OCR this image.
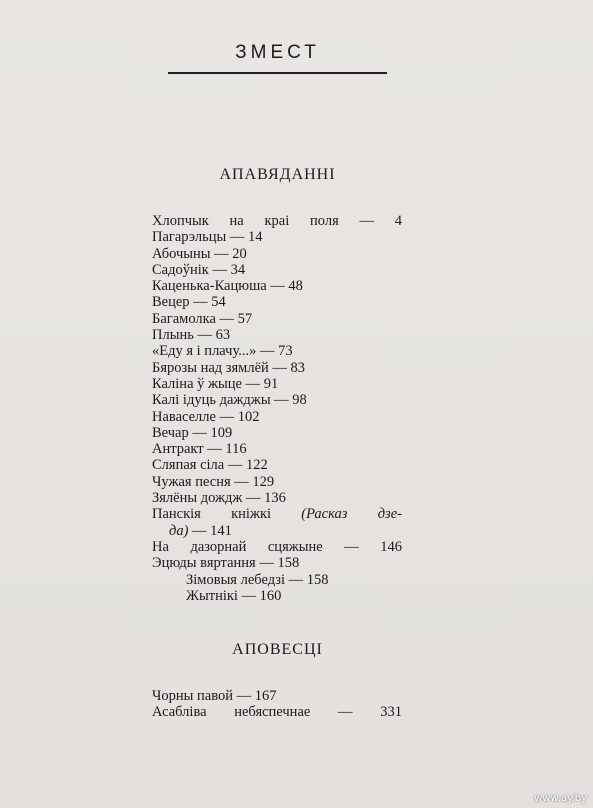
ЗМЕСТ
АПАВЯДАННІ
Хлопчык на краі поля — 4
Пагарэльцы — 14
Абочыны — 20
Садоўнік — 34
Каценька-Кацюша — 48
Вецер — 54
Багамолка — 57
Плынь — 63
«Еду я і плачу...» — 73
Бярозы над зямлёй — 83
Каліна ў жыце — 91
Калі ідуць дажджы — 98
Наваселле — 102
Вечар — 109
Антракт — 116
Сляпая сіла — 122
Чужая песня — 129
Зялёны дождж — 136
Панскія кніжкі (Расказ дзе-
да) — 141
На дазорнай сцяжыне — 146
Эцюды вяртання — 158
Зімовыя лебедзі — 158
Жытнікі — 160
АПОВЕСЦІ
Чорны павой — 167
Асабліва небяспечнае — 331
www.ay.by
